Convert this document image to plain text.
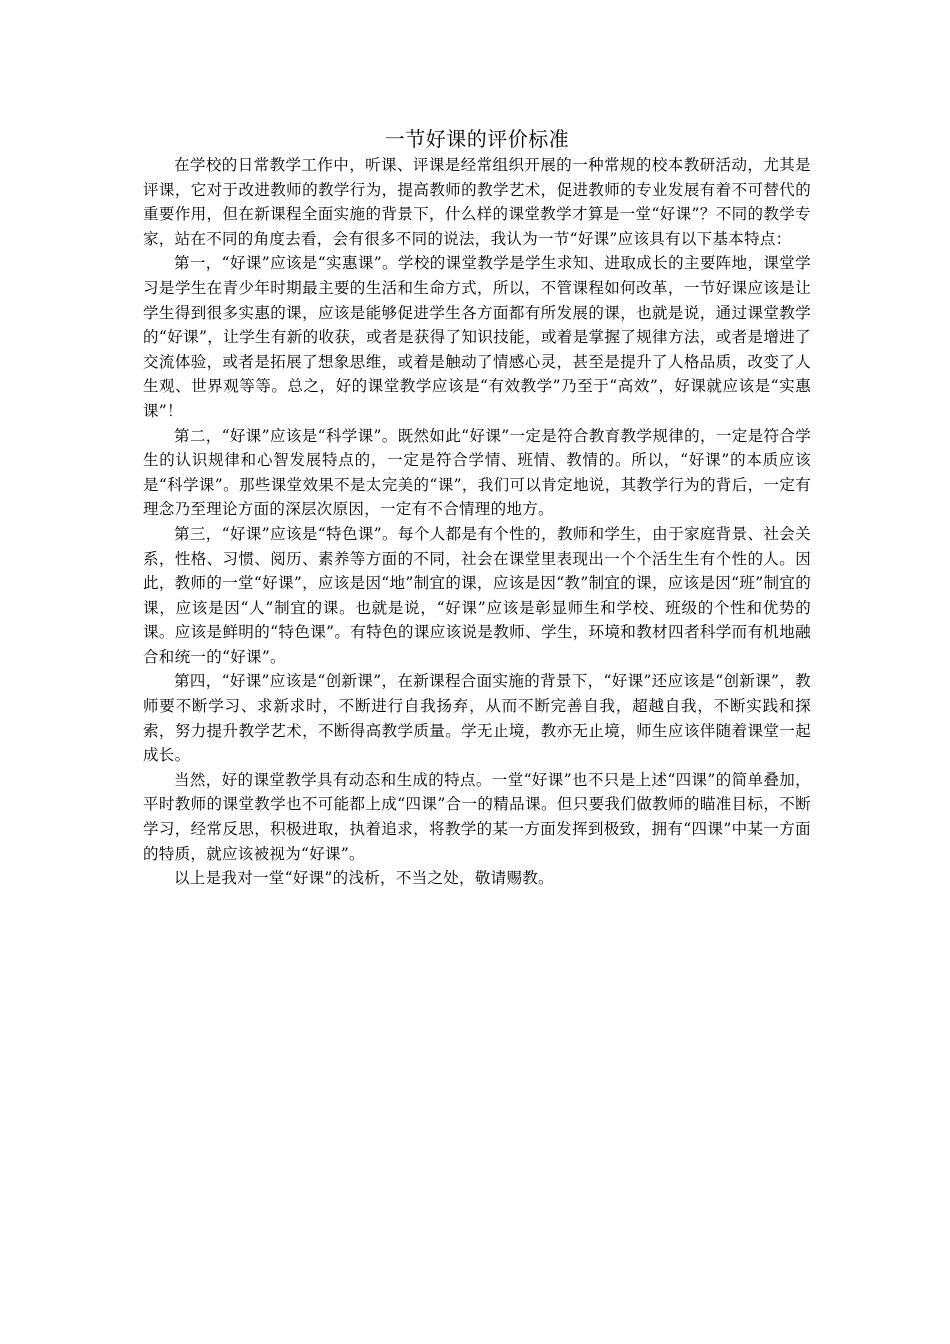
一节好课的评价标准

在学校的日常教学工作中，听课、评课是经常组织开展的一种常规的校本教研活动，尤其是评课，它对于改进教师的教学行为，提高教师的教学艺术，促进教师的专业发展有着不可替代的重要作用，但在新课程全面实施的背景下，什么样的课堂教学才算是一堂“好课”？不同的教学专家，站在不同的角度去看，会有很多不同的说法，我认为一节“好课”应该具有以下基本特点：

第一，“好课”应该是“实惠课”。学校的课堂教学是学生求知、进取成长的主要阵地，课堂学习是学生在青少年时期最主要的生活和生命方式，所以，不管课程如何改革，一节好课应该是让学生得到很多实惠的课，应该是能够促进学生各方面都有所发展的课，也就是说，通过课堂教学的“好课”，让学生有新的收获，或者是获得了知识技能，或着是掌握了规律方法，或者是增进了交流体验，或者是拓展了想象思维，或着是触动了情感心灵，甚至是提升了人格品质，改变了人生观、世界观等等。总之，好的课堂教学应该是“有效教学”乃至于“高效”，好课就应该是“实惠课”！

第二，“好课”应该是“科学课”。既然如此“好课”一定是符合教育教学规律的，一定是符合学生的认识规律和心智发展特点的，一定是符合学情、班情、教情的。所以，“好课”的本质应该是“科学课”。那些课堂效果不是太完美的“课”，我们可以肯定地说，其教学行为的背后，一定有理念乃至理论方面的深层次原因，一定有不合情理的地方。

第三，“好课”应该是“特色课”。每个人都是有个性的，教师和学生，由于家庭背景、社会关系，性格、习惯、阅历、素养等方面的不同，社会在课堂里表现出一个个活生生有个性的人。因此，教师的一堂“好课”，应该是因“地”制宜的课，应该是因“教”制宜的课，应该是因“班”制宜的课，应该是因“人”制宜的课。也就是说，“好课”应该是彰显师生和学校、班级的个性和优势的课。应该是鲜明的“特色课”。有特色的课应该说是教师、学生，环境和教材四者科学而有机地融合和统一的“好课”。

第四，“好课”应该是“创新课”，在新课程合面实施的背景下，“好课”还应该是“创新课”，教师要不断学习、求新求时，不断进行自我扬弃，从而不断完善自我，超越自我，不断实践和探索，努力提升教学艺术，不断得高教学质量。学无止境，教亦无止境，师生应该伴随着课堂一起成长。

当然，好的课堂教学具有动态和生成的特点。一堂“好课”也不只是上述“四课”的简单叠加，平时教师的课堂教学也不可能都上成“四课”合一的精品课。但只要我们做教师的瞄准目标，不断学习，经常反思，积极进取，执着追求，将教学的某一方面发挥到极致，拥有“四课”中某一方面的特质，就应该被视为“好课”。

以上是我对一堂“好课”的浅析，不当之处，敬请赐教。
